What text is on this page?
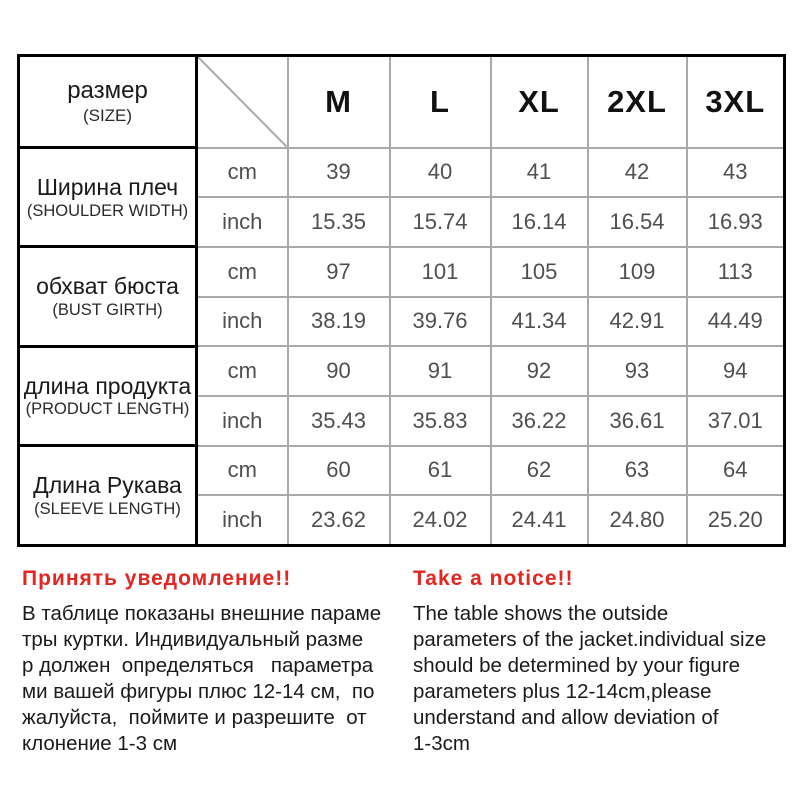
размер
(SIZE)		M	L	XL	2XL	3XL

Ширина плеч
(SHOULDER WIDTH)	cm	39	40	41	42	43
	inch	15.35	15.74	16.14	16.54	16.93

обхват бюста
(BUST GIRTH)	cm	97	101	105	109	113
	inch	38.19	39.76	41.34	42.91	44.49

длина продукта
(PRODUCT LENGTH)	cm	90	91	92	93	94
	inch	35.43	35.83	36.22	36.61	37.01

Длина Рукава
(SLEEVE LENGTH)	cm	60	61	62	63	64
	inch	23.62	24.02	24.41	24.80	25.20
Принять уведомление!!
В таблице показаны внешние параме
тры куртки. Индивидуальный разме
р должен  определяться   параметра
ми вашей фигуры плюс 12-14 см,  по
жалуйста,  поймите и разрешите  от
клонение 1-3 см
Take a notice!!
The table shows the outside
parameters of the jacket.individual size
should be determined by your figure
parameters plus 12-14cm,please
understand and allow deviation of
1-3cm
